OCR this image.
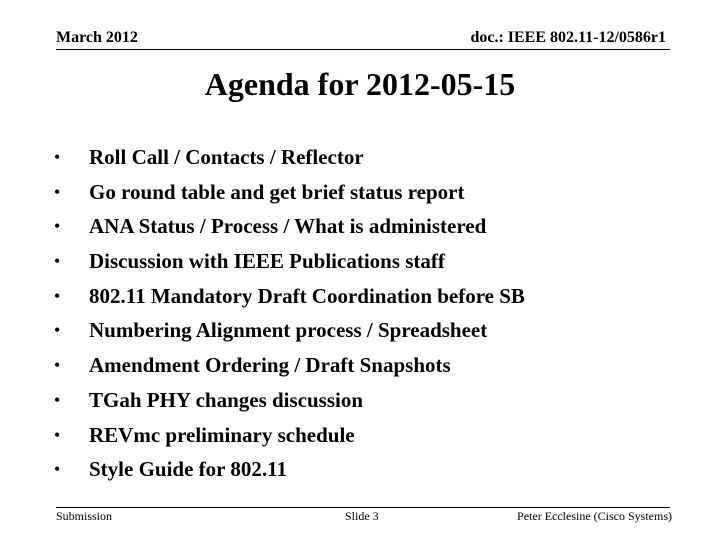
March 2012	doc.: IEEE 802.11-12/0586r1
Agenda for 2012-05-15
• Roll Call / Contacts / Reflector
• Go round table and get brief status report
• ANA Status / Process / What is administered
• Discussion with IEEE Publications staff
• 802.11 Mandatory Draft Coordination before SB
• Numbering Alignment process / Spreadsheet
• Amendment Ordering / Draft Snapshots
• TGah PHY changes discussion
• REVmc preliminary schedule
• Style Guide for 802.11
Submission	Slide 3	Peter Ecclesine (Cisco Systems)
